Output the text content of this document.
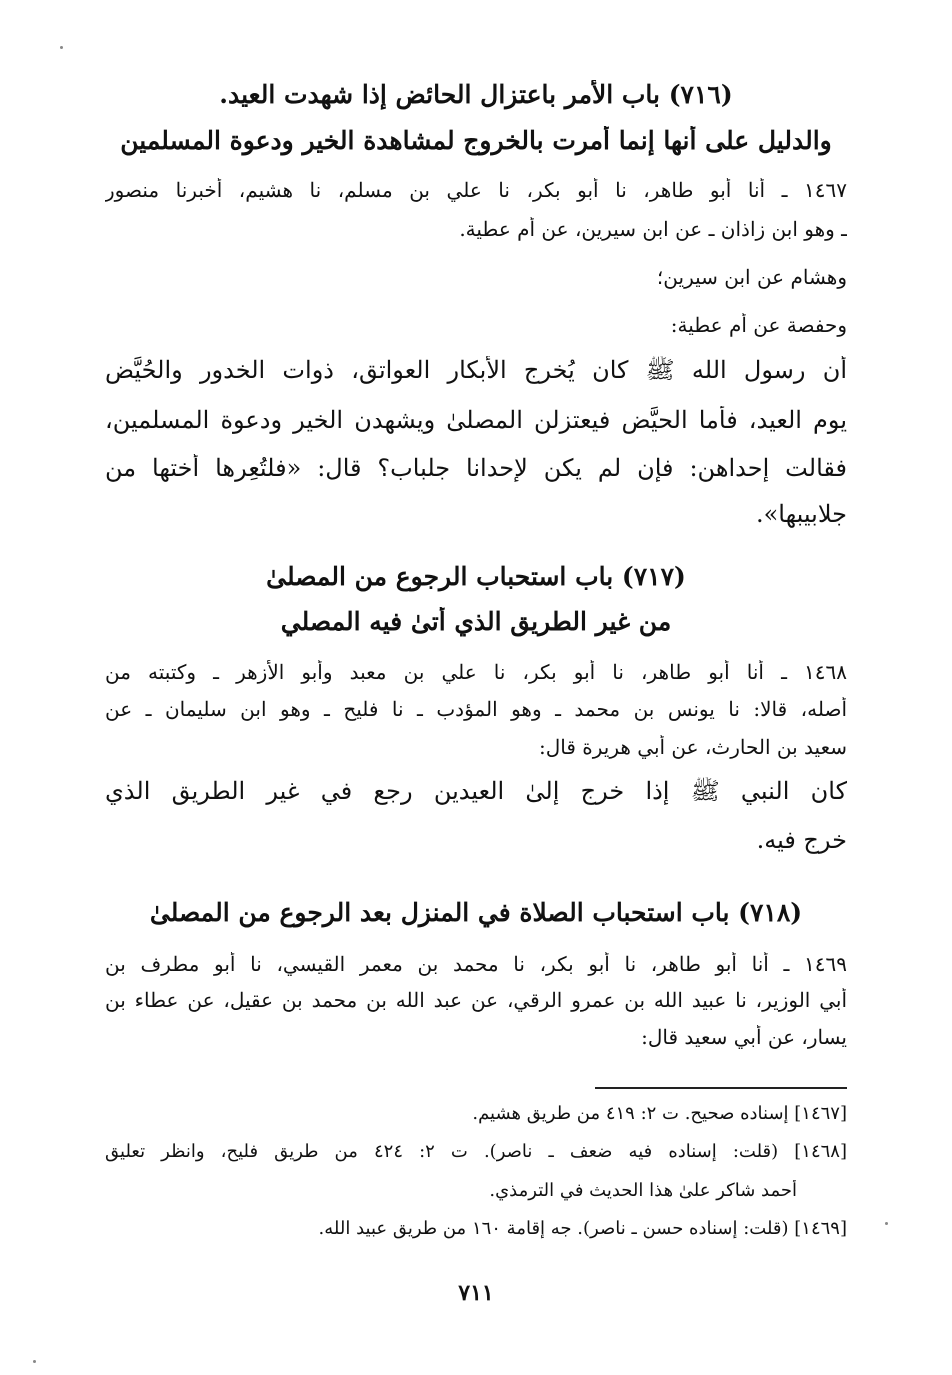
(٧١٦) باب الأمر باعتزال الحائض إذا شهدت العيد.
والدليل على أنها إنما أمرت بالخروج لمشاهدة الخير ودعوة المسلمين
١٤٦٧ ـ أنا أبو طاهر، نا أبو بكر، نا علي بن مسلم، نا هشيم، أخبرنا منصور
ـ وهو ابن زاذان ـ عن ابن سيرين، عن أم عطية.
وهشام عن ابن سيرين؛
وحفصة عن أم عطية:
أن رسول الله ﷺ كان يُخرج الأبكار العواتق، ذوات الخدور والحُيَّض
يوم العيد، فأما الحيَّض فيعتزلن المصلىٰ ويشهدن الخير ودعوة المسلمين،
فقالت إحداهن: فإن لم يكن لإحدانا جلباب؟ قال: «فلتُعِرها أختها من
جلابيبها».
(٧١٧) باب استحباب الرجوع من المصلىٰ
من غير الطريق الذي أتىٰ فيه المصلي
١٤٦٨ ـ أنا أبو طاهر، نا أبو بكر، نا علي بن معبد وأبو الأزهر ـ وكتبته من
أصله، قالا: نا يونس بن محمد ـ وهو المؤدب ـ نا فليح ـ وهو ابن سليمان ـ عن
سعيد بن الحارث، عن أبي هريرة قال:
كان النبي ﷺ إذا خرج إلىٰ العيدين رجع في غير الطريق الذي
خرج فيه.
(٧١٨) باب استحباب الصلاة في المنزل بعد الرجوع من المصلىٰ
١٤٦٩ ـ أنا أبو طاهر، نا أبو بكر، نا محمد بن معمر القيسي، نا أبو مطرف بن
أبي الوزير، نا عبيد الله بن عمرو الرقي، عن عبد الله بن محمد بن عقيل، عن عطاء بن
يسار، عن أبي سعيد قال:
[١٤٦٧] إسناده صحيح. ت ٢: ٤١٩ من طريق هشيم.
[١٤٦٨] (قلت: إسناده فيه ضعف ـ ناصر). ت ٢: ٤٢٤ من طريق فليح، وانظر تعليق
أحمد شاكر علىٰ هذا الحديث في الترمذي.
[١٤٦٩] (قلت: إسناده حسن ـ ناصر). جه إقامة ١٦٠ من طريق عبيد الله.
٧١١
